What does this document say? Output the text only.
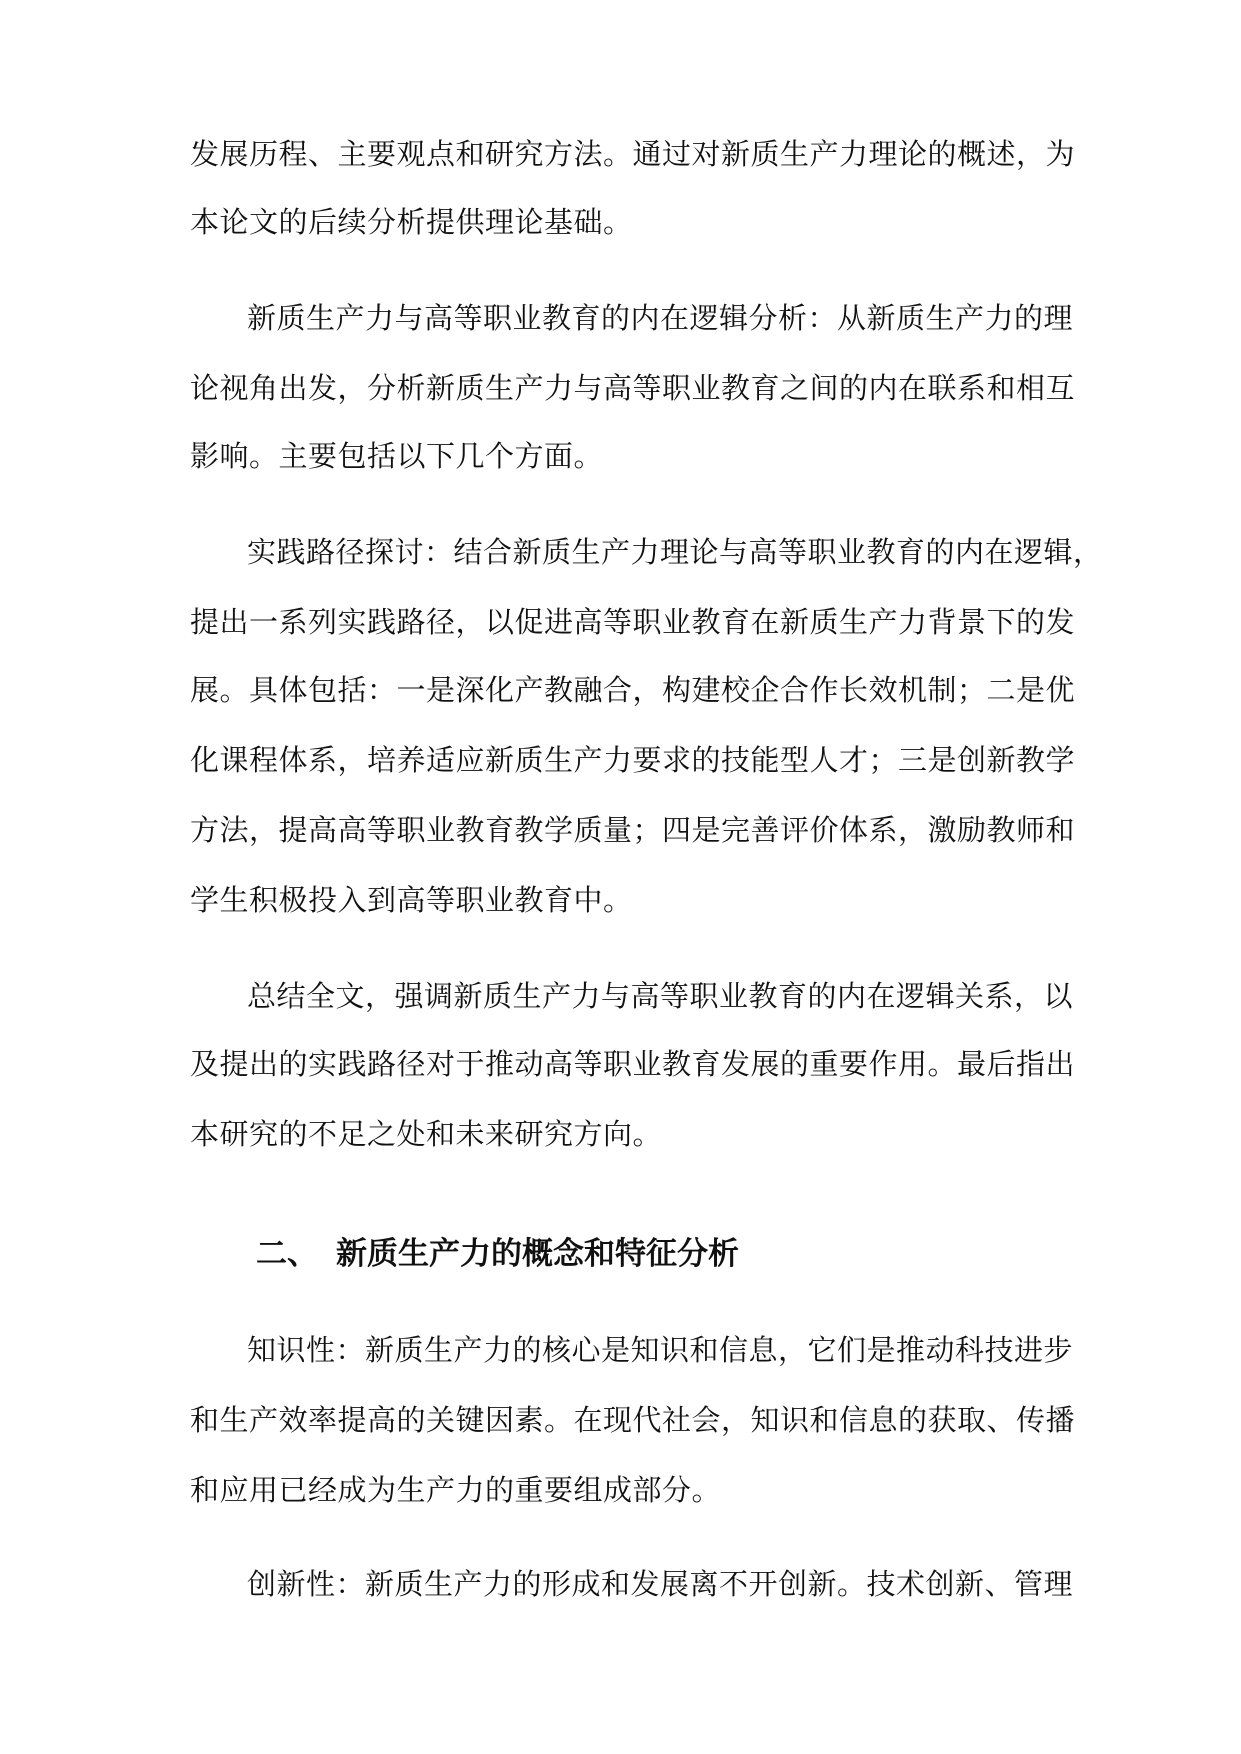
发展历程、主要观点和研究方法。通过对新质生产力理论的概述，为
本论文的后续分析提供理论基础。
新质生产力与高等职业教育的内在逻辑分析：从新质生产力的理
论视角出发，分析新质生产力与高等职业教育之间的内在联系和相互
影响。主要包括以下几个方面。
实践路径探讨：结合新质生产力理论与高等职业教育的内在逻辑，
提出一系列实践路径，以促进高等职业教育在新质生产力背景下的发
展。具体包括：一是深化产教融合，构建校企合作长效机制；二是优
化课程体系，培养适应新质生产力要求的技能型人才；三是创新教学
方法，提高高等职业教育教学质量；四是完善评价体系，激励教师和
学生积极投入到高等职业教育中。
总结全文，强调新质生产力与高等职业教育的内在逻辑关系，以
及提出的实践路径对于推动高等职业教育发展的重要作用。最后指出
本研究的不足之处和未来研究方向。
二、 新质生产力的概念和特征分析
知识性：新质生产力的核心是知识和信息，它们是推动科技进步
和生产效率提高的关键因素。在现代社会，知识和信息的获取、传播
和应用已经成为生产力的重要组成部分。
创新性：新质生产力的形成和发展离不开创新。技术创新、管理
